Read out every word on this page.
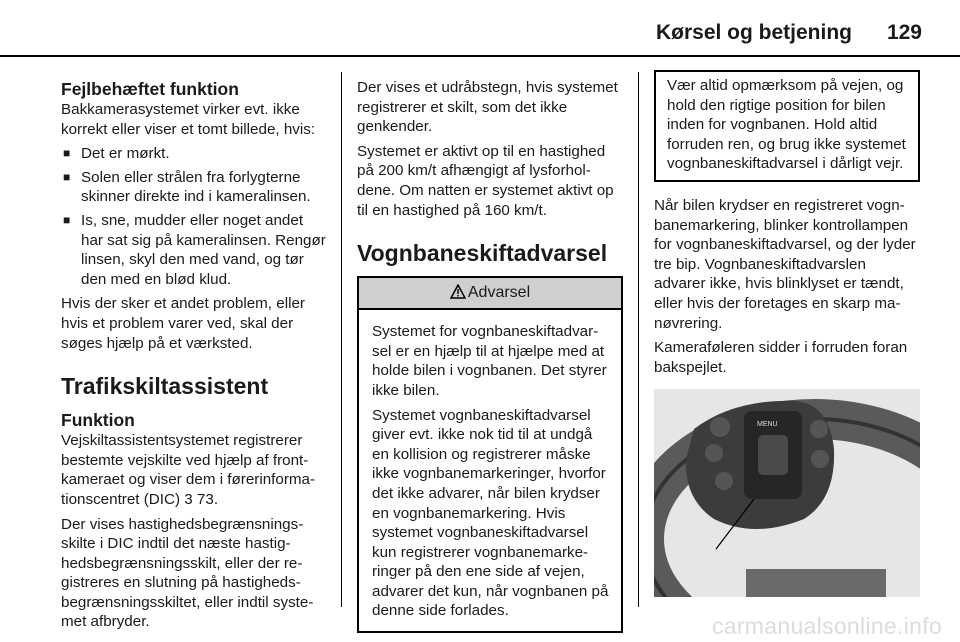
Kørsel og betjening 129
Fejlbehæftet funktion

Bakkamerasystemet virker evt. ikke korrekt eller viser et tomt billede, hvis:

■ Det er mørkt.
■ Solen eller strålen fra forlygterne skinner direkte ind i kameralinsen.
■ Is, sne, mudder eller noget andet har sat sig på kameralinsen. Rengør linsen, skyl den med vand, og tør den med en blød klud.

Hvis der sker et andet problem, eller hvis et problem varer ved, skal der søges hjælp på et værksted.

Trafikskiltassistent
Funktion

Vejskiltassistentsystemet registrerer bestemte vejskilte ved hjælp af frontkameraet og viser dem i førerinformationscentret (DIC) 3 73.

Der vises hastighedsbegrænsningsskilte i DIC indtil det næste hastighedsbegrænsningsskilt, eller der registreres en slutning på hastighedsbegrænsningsskiltet, eller indtil systemet afbryder.

Der vises et udråbstegn, hvis systemet registrerer et skilt, som det ikke genkender.

Systemet er aktivt op til en hastighed på 200 km/t afhængigt af lysforholdene. Om natten er systemet aktivt op til en hastighed på 160 km/t.

Vognbaneskiftadvarsel
Advarsel

Systemet for vognbaneskiftadvarsel er en hjælp til at hjælpe med at holde bilen i vognbanen. Det styrer ikke bilen.

Systemet vognbaneskiftadvarsel giver evt. ikke nok tid til at undgå en kollision og registrerer måske ikke vognbanemarkeringer, hvorfor det ikke advarer, når bilen krydser en vognbanemarkering. Hvis systemet vognbaneskiftadvarsel kun registrerer vognbanemarkeringer på den ene side af vejen, advarer det kun, når vognbanen på denne side forlades.

Vær altid opmærksom på vejen, og hold den rigtige position for bilen inden for vognbanen. Hold altid forruden ren, og brug ikke systemet vognbaneskiftadvarsel i dårligt vejr.

Når bilen krydser en registreret vognbanemarkering, blinker kontrollampen for vognbaneskiftadvarsel, og der lyder tre bip. Vognbaneskiftadvarslen advarer ikke, hvis blinklyset er tændt, eller hvis der foretages en skarp manøvrering.

Kameraføleren sidder i forruden foran bakspejlet.

MENU
carmanualsonline.info
